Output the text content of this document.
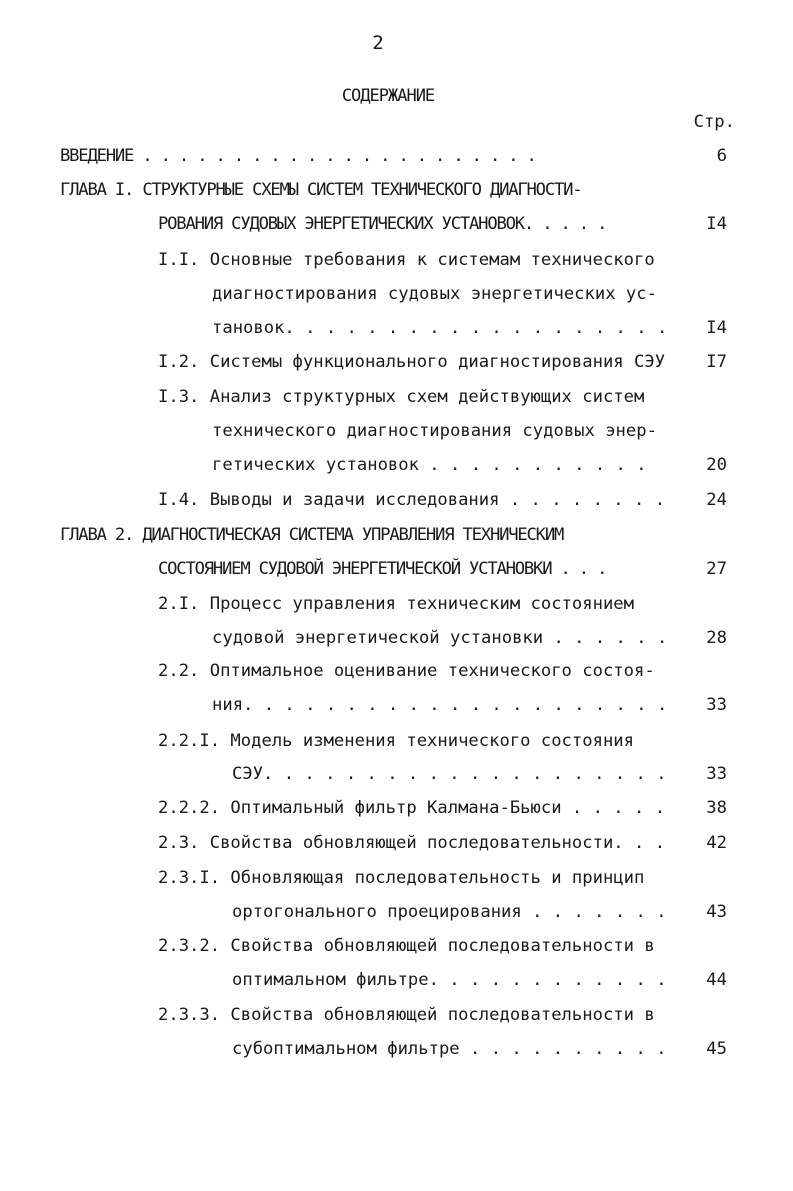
2
СОДЕРЖАНИЕ
Стр.
ВВЕДЕНИЕ . . . . . . . . . . . . . . . . . . . . . .	6
ГЛАВА I. СТРУКТУРНЫЕ СХЕМЫ СИСТЕМ ТЕХНИЧЕСКОГО ДИАГНОСТИ-
РОВАНИЯ СУДОВЫХ ЭНЕРГЕТИЧЕСКИХ УСТАНОВОК. . . . .	I4
I.I. Основные требования к системам технического
диагностирования судовых энергетических ус-
тановок. . . . . . . . . . . . . . . . . . . I4
I.2. Системы функционального диагностирования СЭУ I7
I.3. Анализ структурных схем действующих систем
технического диагностирования судовых энер-
гетических установок . . . . . . . . . . .	20
I.4. Выводы и задачи исследования . . . . . . . . 24
ГЛАВА 2. ДИАГНОСТИЧЕСКАЯ СИСТЕМА УПРАВЛЕНИЯ ТЕХНИЧЕСКИМ
СОСТОЯНИЕМ СУДОВОЙ ЭНЕРГЕТИЧЕСКОЙ УСТАНОВКИ . . .	27
2.I. Процесс управления техническим состоянием
судовой энергетической установки . . . . . . 28
2.2. Оптимальное оценивание технического состоя-
ния. . . . . . . . . . . . . . . . . . . . . 33
2.2.I. Модель изменения технического состояния
СЭУ. . . . . . . . . . . . . . . . . . . . 33
2.2.2. Оптимальный фильтр Калмана-Бьюси . . . . . 38
2.3. Свойства обновляющей последовательности. . . 42
2.3.I. Обновляющая последовательность и принцип
ортогонального проецирования . . . . . . . 43
2.3.2. Свойства обновляющей последовательности в
оптимальном фильтре. . . . . . . . . . . . 44
2.3.3. Свойства обновляющей последовательности в
субоптимальном фильтре . . . . . . . . . . 45
